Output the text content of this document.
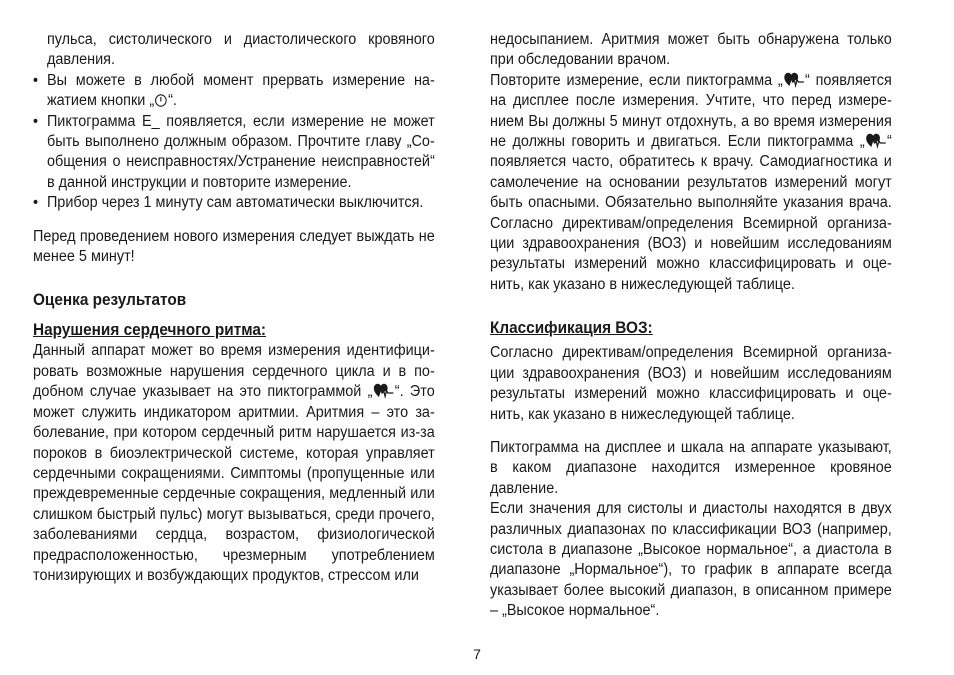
пульса, систолического и диастолического кровяного давления.

• Вы можете в любой момент прервать измерение нажатием кнопки „ “.

• Пиктограмма E_ появляется, если измерение не может быть выполнено должным образом. Прочтите главу „Сообщения о неисправностях/Устранение неисправностей“ в данной инструкции и повторите измерение.

• Прибор через 1 минуту сам автоматически выключится.

Перед проведением нового измерения следует выждать не менее 5 минут!

Оценка результатов
Нарушения сердечного ритма:

Данный аппарат может во время измерения идентифицировать возможные нарушения сердечного цикла и в подобном случае указывает на это пиктограммой „ “. Это может служить индикатором аритмии. Аритмия – это заболевание, при котором сердечный ритм нарушается из-за пороков в биоэлектрической системе, которая управляет сердечными сокращениями. Симптомы (пропущенные или преждевременные сердечные сокращения, медленный или слишком быстрый пульс) могут вызываться, среди прочего, заболеваниями сердца, возрастом, физиологической предрасположенностью, чрезмерным употреблением тонизирующих и возбуждающих продуктов, стрессом или

недосыпанием. Аритмия может быть обнаружена только при обследовании врачом.

Повторите измерение, если пиктограмма „ “ появляется на дисплее после измерения. Учтите, что перед измерением Вы должны 5 минут отдохнуть, а во время измерения не должны говорить и двигаться. Если пиктограмма „ “ появляется часто, обратитесь к врачу. Самодиагностика и самолечение на основании результатов измерений могут быть опасными. Обязательно выполняйте указания врача. Согласно директивам/определения Всемирной организации здравоохранения (ВОЗ) и новейшим исследованиям результаты измерений можно классифицировать и оценить, как указано в нижеследующей таблице.

Классификация ВОЗ:

Согласно директивам/определения Всемирной организации здравоохранения (ВОЗ) и новейшим исследованиям результаты измерений можно классифицировать и оценить, как указано в нижеследующей таблице.

Пиктограмма на дисплее и шкала на аппарате указывают, в каком диапазоне находится измеренное кровяное давление.

Если значения для систолы и диастолы находятся в двух различных диапазонах по классификации ВОЗ (например, систола в диапазоне „Высокое нормальное“, а диастола в диапазоне „Нормальное“), то график в аппарате всегда указывает более высокий диапазон, в описанном примере – „Высокое нормальное“.

7
